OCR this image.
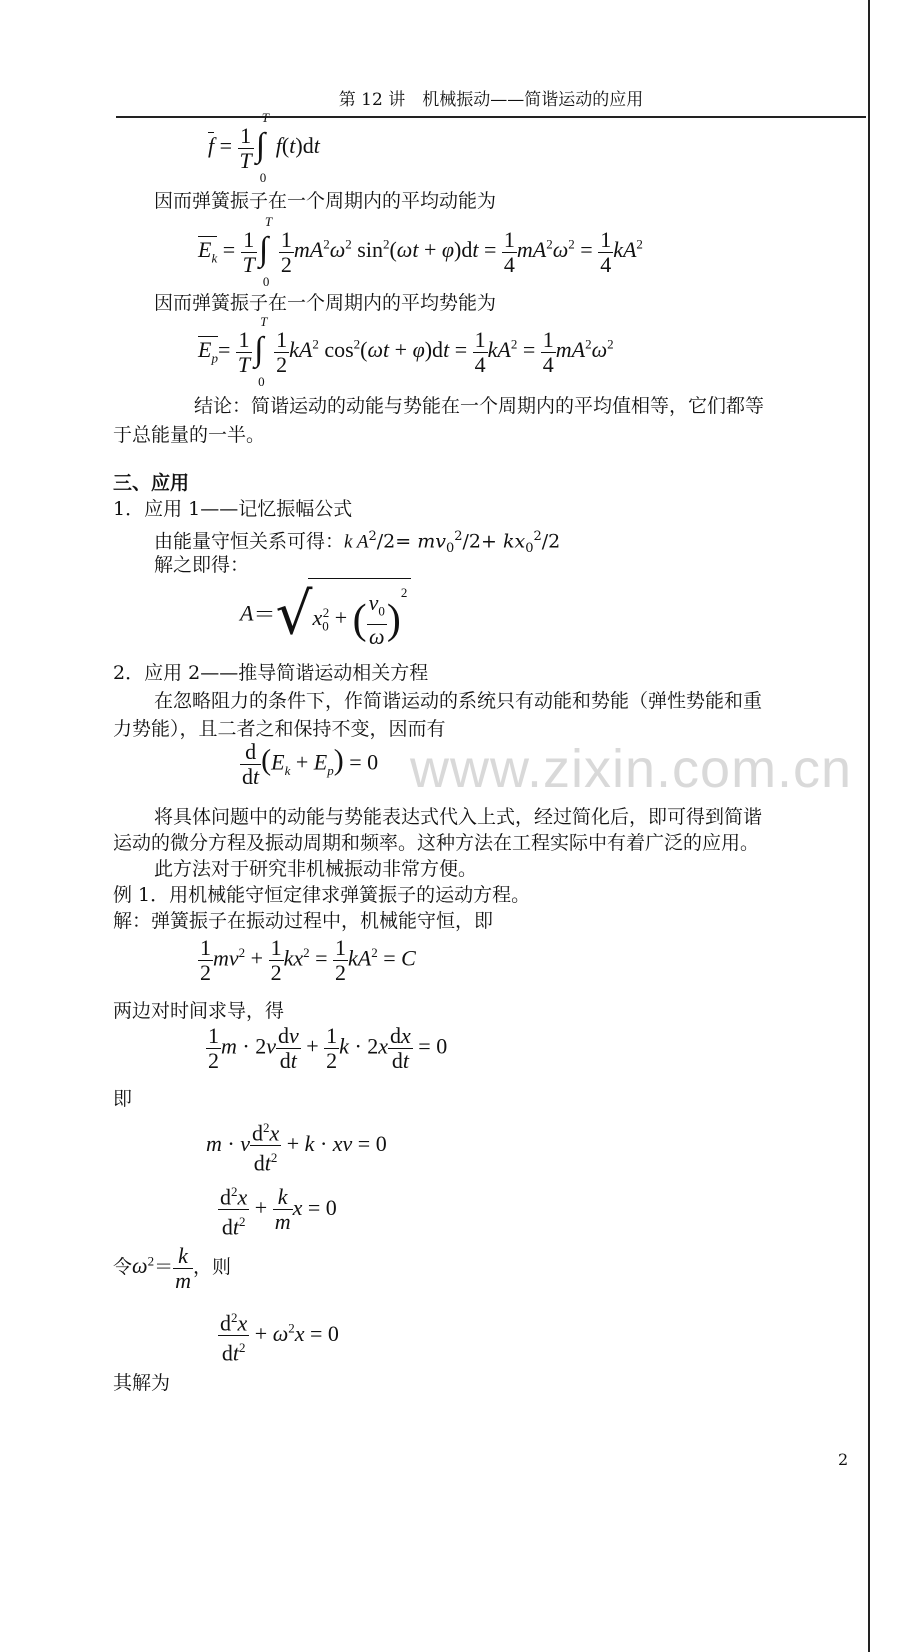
第 12 讲　机械振动——简谐运动的应用
$f = \frac{1}{T}$
T
∫
0
f(t)dt
因而弹簧振子在一个周期内的平均动能为
$E_k = \frac{1}{T}$
T
∫
0
$\frac{1}{2} mA^2\omega^2$ $\sin^2(\omega t + \varphi)dt = \frac{1}{4} mA^2\omega^2 = \frac{1}{4} kA^2$
因而弹簧振子在一个周期内的平均势能为
$E_p= \frac{1}{T}$
T
∫
0
$\frac{1}{2} kA^2$ $\cos^2(\omega t + \varphi)dt = \frac{1}{4} kA^2 = \frac{1}{4} mA^2\omega^2$
结论：简谐运动的动能与势能在一个周期内的平均值相等，它们都等
于总能量的一半。
三、应用
1．应用 1——记忆振幅公式
由能量守恒关系可得：k $A^2/2= mv_0^2/2+ kx_0^2/2$
解之即得：
$A=√x_0^2$ + ( $\frac{v_0}{\omega} )^2$
2．应用 2——推导简谐运动相关方程
在忽略阻力的条件下，作简谐运动的系统只有动能和势能（弹性势能和重
力势能），且二者之和保持不变，因而有
$\frac{d}{dt} (E_k + E_p) = 0$ www.zixin.com.cn
将具体问题中的动能与势能表达式代入上式，经过简化后，即可得到简谐
运动的微分方程及振动周期和频率。这种方法在工程实际中有着广泛的应用。
此方法对于研究非机械振动非常方便。
例 1．用机械能守恒定律求弹簧振子的运动方程。
解：弹簧振子在振动过程中，机械能守恒，即
$\frac{1}{2} mv^2 + \frac{1}{2} kx^2 = \frac{1}{2} kA^2 = C$
两边对时间求导，得
$\frac{1}{2}$ $m \cdot 2v \frac{dv}{dt} + \frac{1}{2}$ $k \cdot 2x \frac{dx}{dt} = 0$
即
m · v $\frac{d^2x}{dt^2} + k$ · xv = 0
$\frac{d^2x}{dt^2} + \frac{k}{m}$ x = 0
令$\omega^2= \frac{k}{m}$ ，则
$\frac{d^2x}{dt^2} + \omega^2x = 0$
其解为
2
